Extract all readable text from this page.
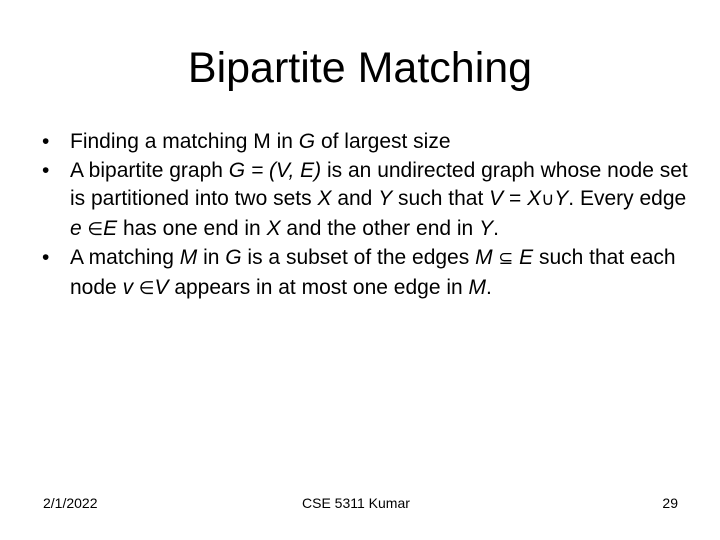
Bipartite Matching
• Finding a matching M in G of largest size
• A bipartite graph G = (V, E) is an undirected graph whose node set is partitioned into two sets X and Y such that V = X∪Y. Every edge e ∈E has one end in X and the other end in Y.
• A matching M in G is a subset of the edges M ⊆ E such that each node v ∈V appears in at most one edge in M.
2/1/2022	CSE 5311 Kumar	29
